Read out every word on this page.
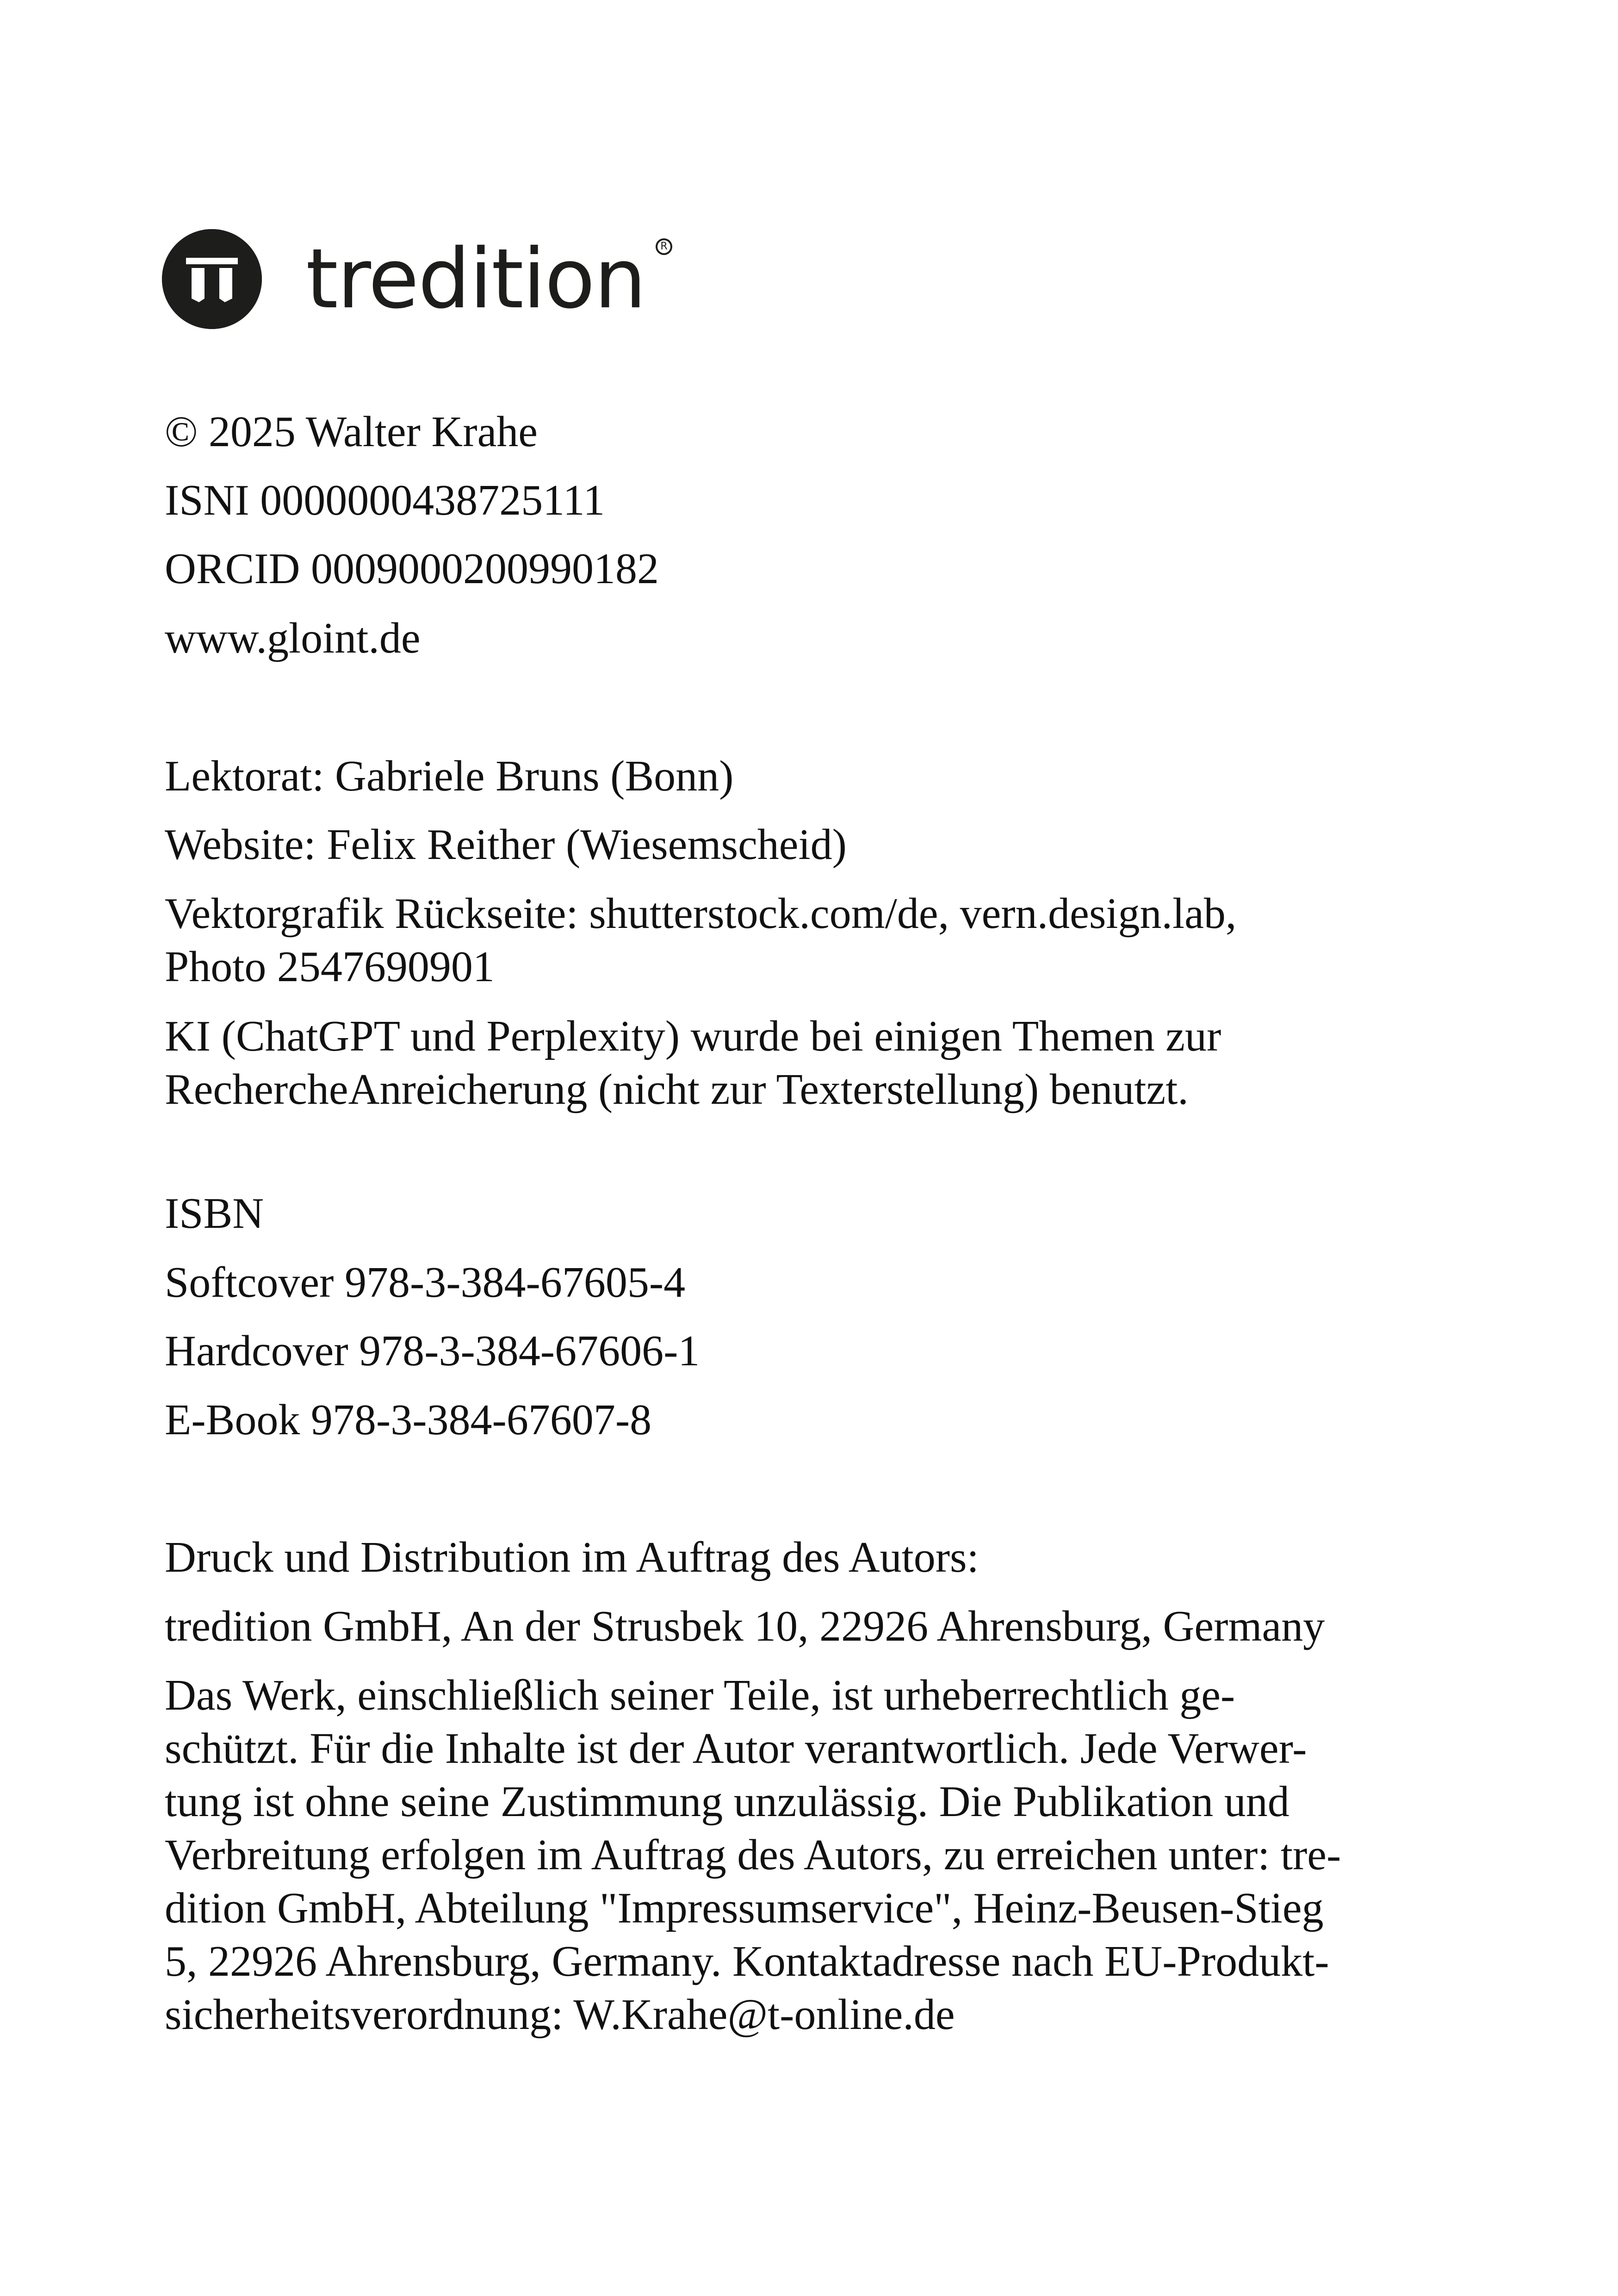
tredition	R
© 2025 Walter Krahe
ISNI 0000000438725111
ORCID 0009000200990182
www.gloint.de
Lektorat: Gabriele Bruns (Bonn)
Website: Felix Reither (Wiesemscheid)
Vektorgrafik Rückseite: shutterstock.com/de, vern.design.lab,
Photo 2547690901
KI (ChatGPT und Perplexity) wurde bei einigen Themen zur
RechercheAnreicherung (nicht zur Texterstellung) benutzt.
ISBN
Softcover 978-3-384-67605-4
Hardcover 978-3-384-67606-1
E-Book 978-3-384-67607-8
Druck und Distribution im Auftrag des Autors:
tredition GmbH, An der Strusbek 10, 22926 Ahrensburg, Germany
Das Werk, einschließlich seiner Teile, ist urheberrechtlich ge-
schützt. Für die Inhalte ist der Autor verantwortlich. Jede Verwer-
tung ist ohne seine Zustimmung unzulässig. Die Publikation und
Verbreitung erfolgen im Auftrag des Autors, zu erreichen unter: tre-
dition GmbH, Abteilung "Impressumservice", Heinz-Beusen-Stieg
5, 22926 Ahrensburg, Germany. Kontaktadresse nach EU-Produkt-
sicherheitsverordnung: W.Krahe@t-online.de
